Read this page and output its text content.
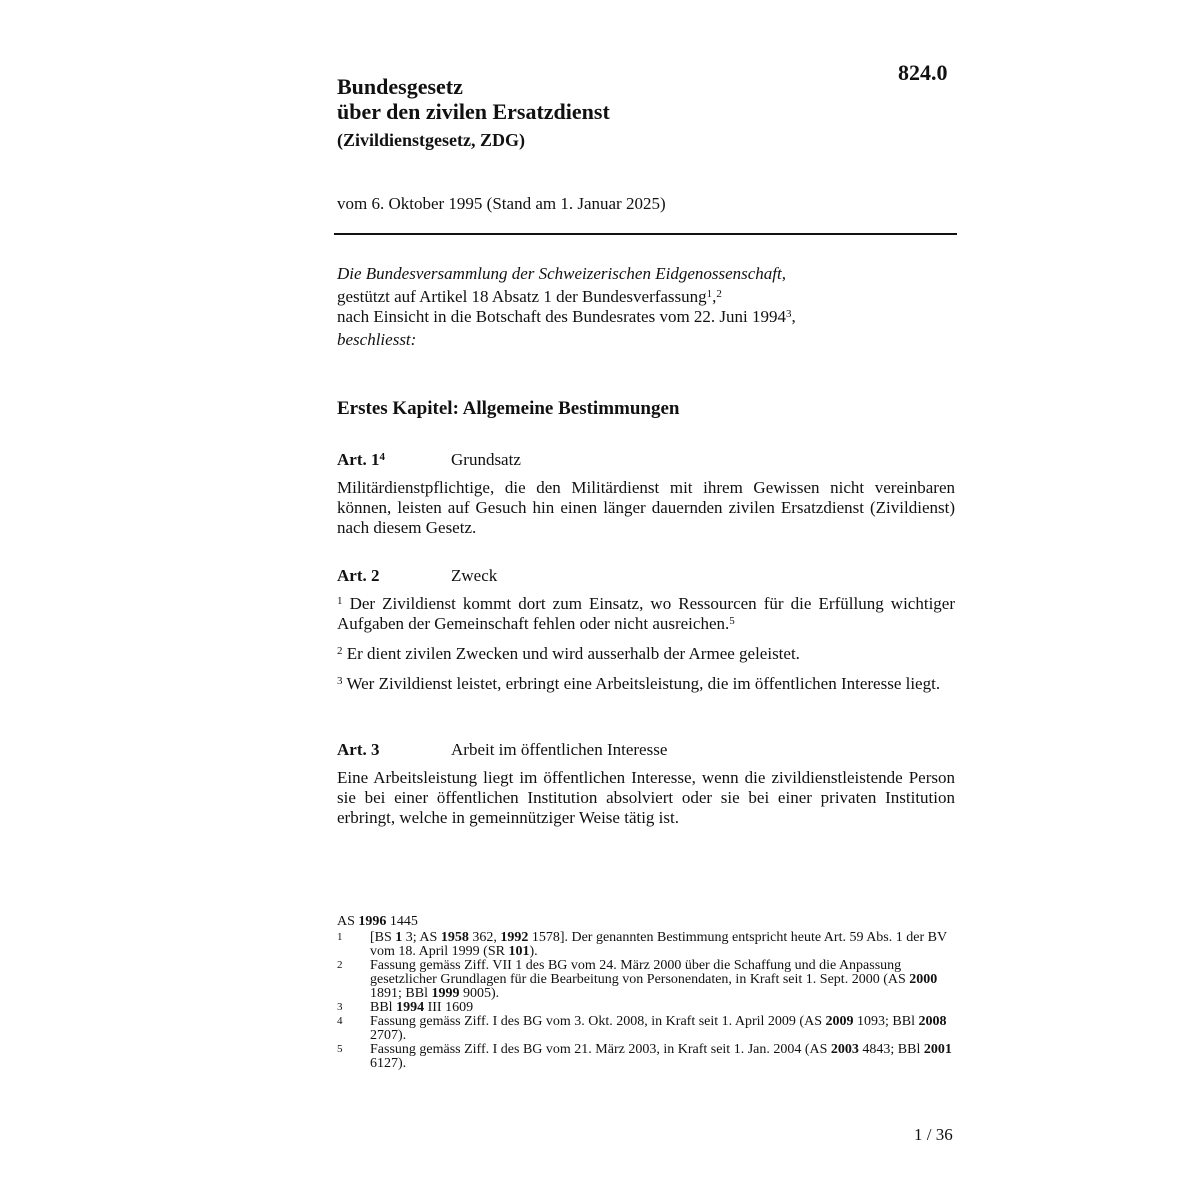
824.0
Bundesgesetz
über den zivilen Ersatzdienst
(Zivildienstgesetz, ZDG)
vom 6. Oktober 1995 (Stand am 1. Januar 2025)

Die Bundesversammlung der Schweizerischen Eidgenossenschaft,

gestützt auf Artikel 18 Absatz 1 der Bundesverfassung$^1$,$^2$

nach Einsicht in die Botschaft des Bundesrates vom 22. Juni 1994$^3$,

beschliesst:

Erstes Kapitel: Allgemeine Bestimmungen
Art. $1^4$	Grundsatz

Militärdienstpflichtige, die den Militärdienst mit ihrem Gewissen nicht vereinbaren können, leisten auf Gesuch hin einen länger dauernden zivilen Ersatzdienst (Zivildienst) nach diesem Gesetz.

Art. 2	Zweck

$^1$ Der Zivildienst kommt dort zum Einsatz, wo Ressourcen für die Erfüllung wichtiger Aufgaben der Gemeinschaft fehlen oder nicht ausreichen.$^5$

$^2$ Er dient zivilen Zwecken und wird ausserhalb der Armee geleistet.

$^3$ Wer Zivildienst leistet, erbringt eine Arbeitsleistung, die im öffentlichen Interesse liegt.

Art. 3	Arbeit im öffentlichen Interesse

Eine Arbeitsleistung liegt im öffentlichen Interesse, wenn die zivildienstleistende Person sie bei einer öffentlichen Institution absolviert oder sie bei einer privaten Institution erbringt, welche in gemeinnütziger Weise tätig ist.

AS 1996 1445
1	[BS 1 3; AS 1958 362, 1992 1578]. Der genannten Bestimmung entspricht heute Art. 59 Abs. 1 der BV vom 18. April 1999 (SR 101).
2	Fassung gemäss Ziff. VII 1 des BG vom 24. März 2000 über die Schaffung und die Anpassung gesetzlicher Grundlagen für die Bearbeitung von Personendaten, in Kraft seit 1. Sept. 2000 (AS 2000 1891; BBl 1999 9005).
3	BBl 1994 III 1609
4	Fassung gemäss Ziff. I des BG vom 3. Okt. 2008, in Kraft seit 1. April 2009 (AS 2009 1093; BBl 2008 2707).
5	Fassung gemäss Ziff. I des BG vom 21. März 2003, in Kraft seit 1. Jan. 2004 (AS 2003 4843; BBl 2001 6127).
1 / 36
